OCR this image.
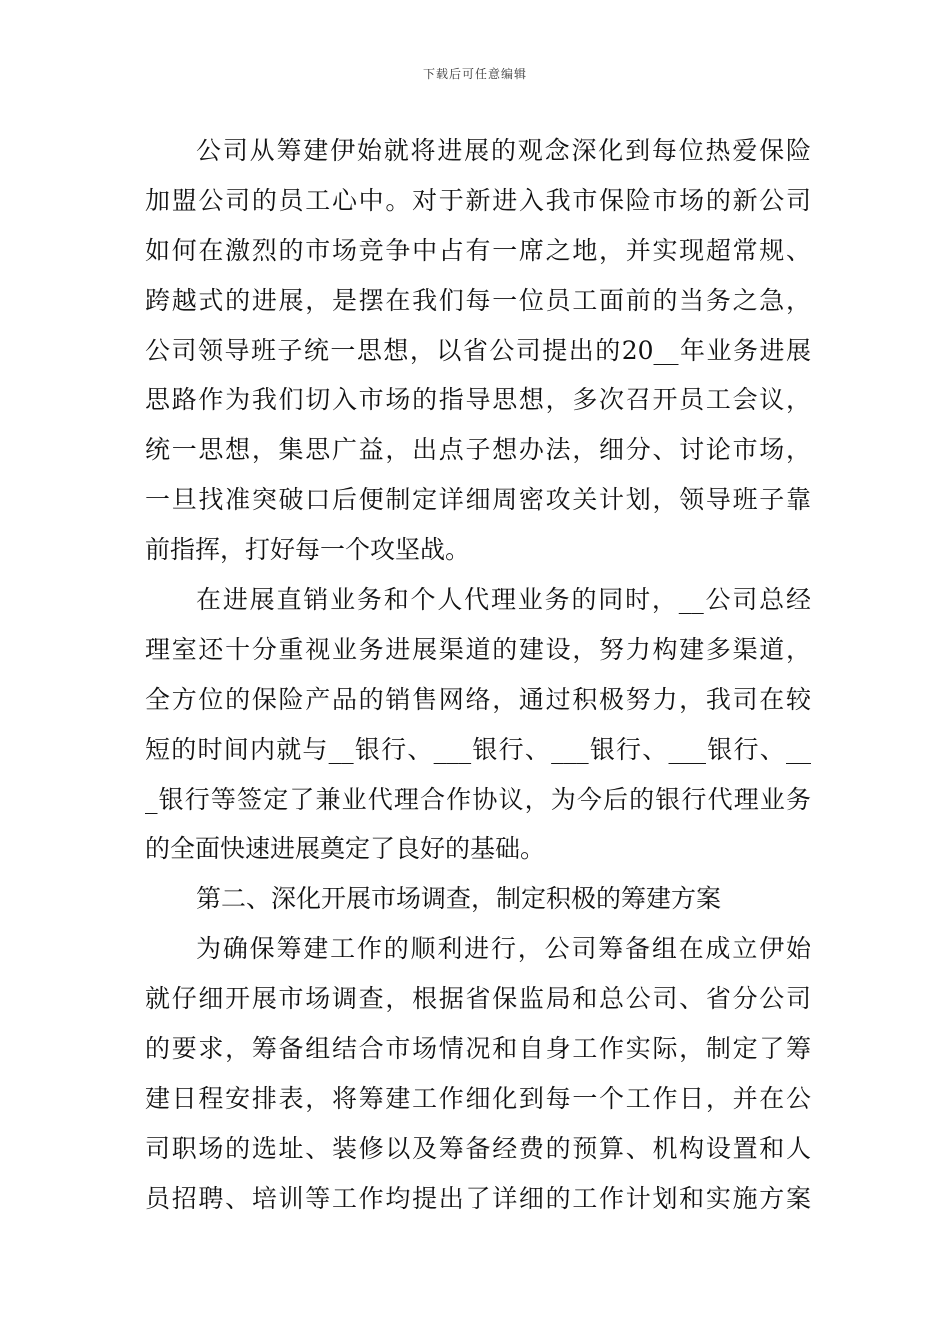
下载后可任意编辑
公司从筹建伊始就将进展的观念深化到每位热爱保险
加盟公司的员工心中。对于新进入我市保险市场的新公司
如何在激烈的市场竞争中占有一席之地，并实现超常规、
跨越式的进展，是摆在我们每一位员工面前的当务之急，
公司领导班子统一思想，以省公司提出的20__年业务进展
思路作为我们切入市场的指导思想，多次召开员工会议，
统一思想，集思广益，出点子想办法，细分、讨论市场，
一旦找准突破口后便制定详细周密攻关计划，领导班子靠
前指挥，打好每一个攻坚战。
在进展直销业务和个人代理业务的同时，__公司总经
理室还十分重视业务进展渠道的建设，努力构建多渠道，
全方位的保险产品的销售网络，通过积极努力，我司在较
短的时间内就与__银行、___银行、___银行、___银行、__
_银行等签定了兼业代理合作协议，为今后的银行代理业务
的全面快速进展奠定了良好的基础。
第二、深化开展市场调查，制定积极的筹建方案
为确保筹建工作的顺利进行，公司筹备组在成立伊始
就仔细开展市场调查，根据省保监局和总公司、省分公司
的要求，筹备组结合市场情况和自身工作实际，制定了筹
建日程安排表，将筹建工作细化到每一个工作日，并在公
司职场的选址、装修以及筹备经费的预算、机构设置和人
员招聘、培训等工作均提出了详细的工作计划和实施方案
